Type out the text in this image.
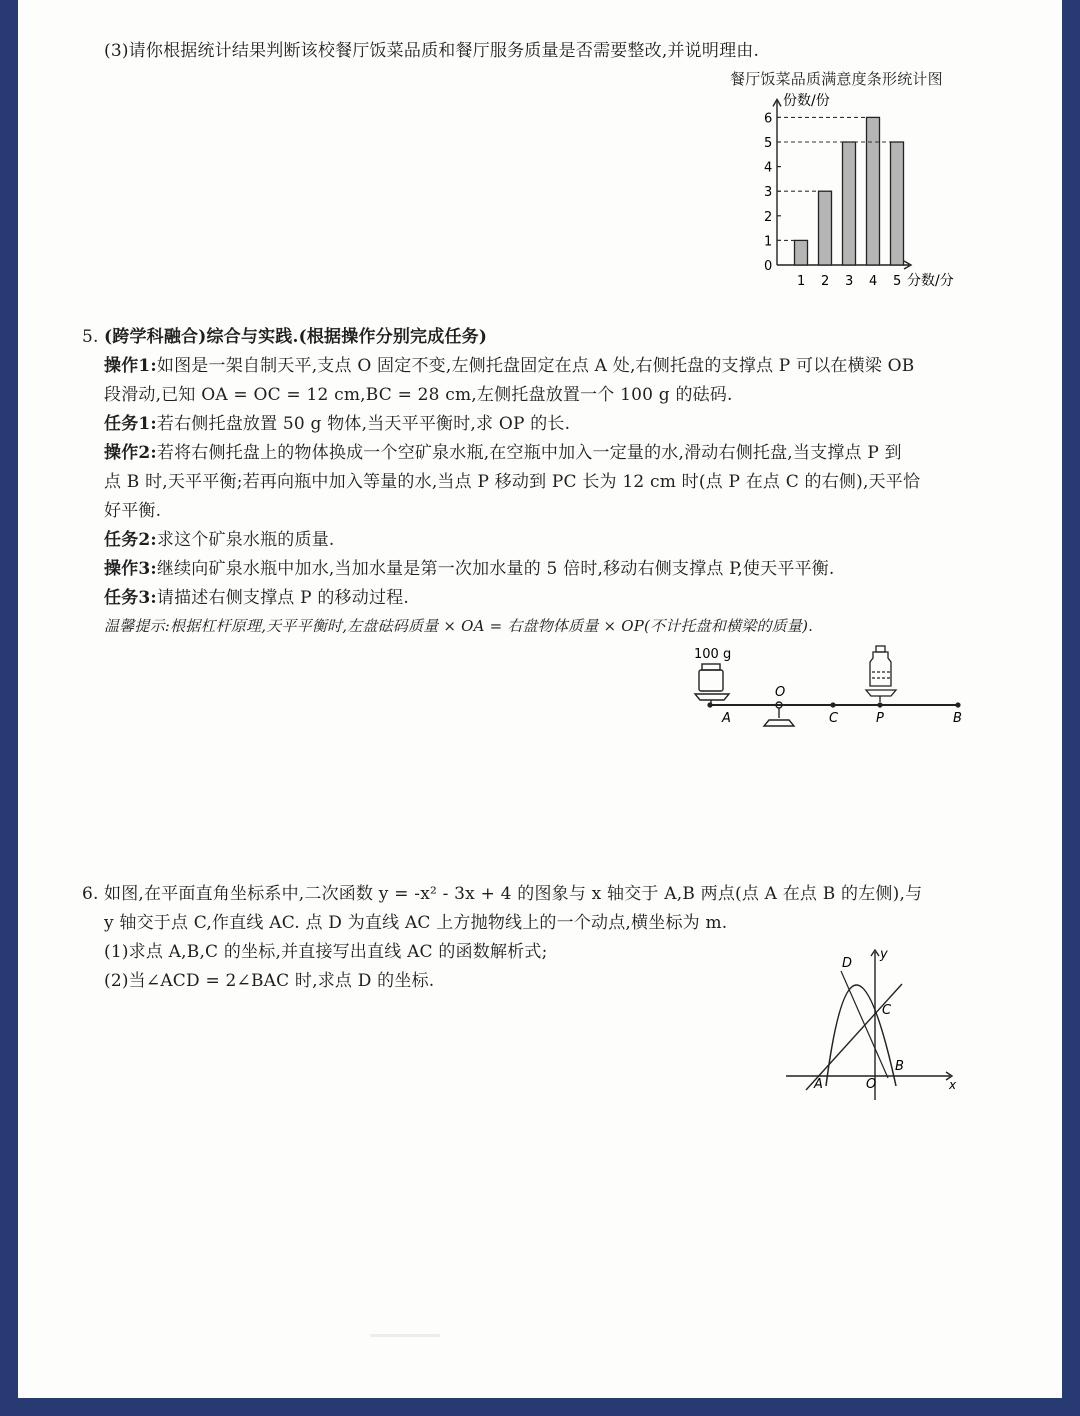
(3)请你根据统计结果判断该校餐厅饭菜品质和餐厅服务质量是否需要整改,并说明理由.
餐厅饭菜品质满意度条形统计图
份数/份
0
1
2
3
4
5
6
1 2 3 4 5 分数/分
5. (跨学科融合)综合与实践.(根据操作分别完成任务)
操作1:如图是一架自制天平,支点 O 固定不变,左侧托盘固定在点 A 处,右侧托盘的支撑点 P 可以在横梁 OB
段滑动,已知 OA = OC = 12 cm,BC = 28 cm,左侧托盘放置一个 100 g 的砝码.
任务1:若右侧托盘放置 50 g 物体,当天平平衡时,求 OP 的长.
操作2:若将右侧托盘上的物体换成一个空矿泉水瓶,在空瓶中加入一定量的水,滑动右侧托盘,当支撑点 P 到
点 B 时,天平平衡;若再向瓶中加入等量的水,当点 P 移动到 PC 长为 12 cm 时(点 P 在点 C 的右侧),天平恰
好平衡.
任务2:求这个矿泉水瓶的质量.
操作3:继续向矿泉水瓶中加水,当加水量是第一次加水量的 5 倍时,移动右侧支撑点 P,使天平平衡.
任务3:请描述右侧支撑点 P 的移动过程.
温馨提示:根据杠杆原理,天平平衡时,左盘砝码质量 × OA = 右盘物体质量 × OP(不计托盘和横梁的质量).
100 g
O
A	C	P	B
6. 如图,在平面直角坐标系中,二次函数 y = -x² - 3x + 4 的图象与 x 轴交于 A,B 两点(点 A 在点 B 的左侧),与
y 轴交于点 C,作直线 AC. 点 D 为直线 AC 上方抛物线上的一个动点,横坐标为 m.
(1)求点 A,B,C 的坐标,并直接写出直线 AC 的函数解析式;
(2)当∠ACD = 2∠BAC 时,求点 D 的坐标.
D
y
C
B
A	O	x
